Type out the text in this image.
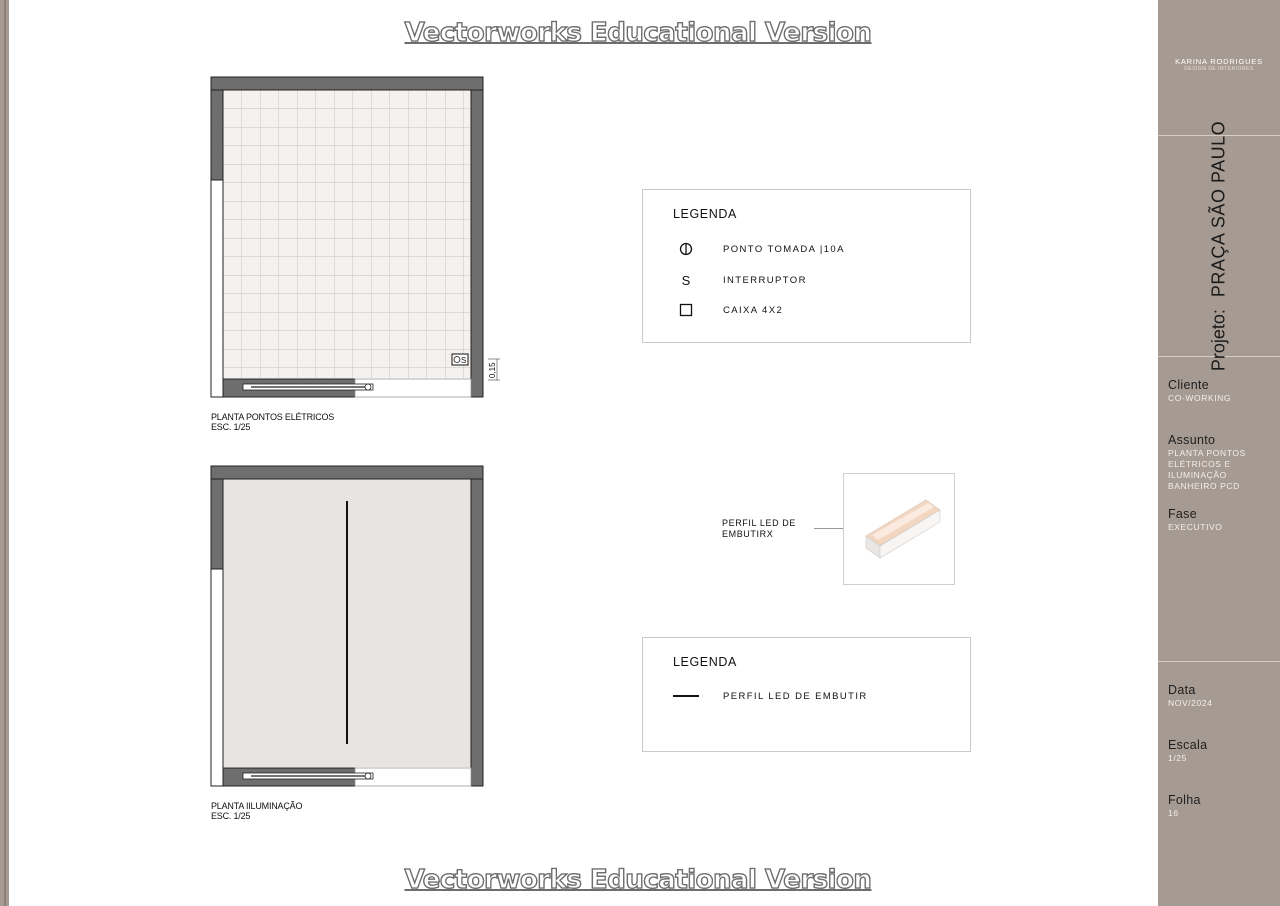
Vectorworks Educational Version
S
0,15
PLANTA PONTOS ELÉTRICOS
ESC. 1/25
PLANTA IILUMINAÇÃO
ESC. 1/25
LEGENDA
PONTO TOMADA |10A
S	INTERRUPTOR
CAIXA 4X2
PERFIL LED DE
EMBUTIRX
LEGENDA
PERFIL LED DE EMBUTIR
Vectorworks Educational Version
KARINA RODRIGUES
DESIGN DE INTERIORES
Cliente
CO-WORKING
Assunto
PLANTA PONTOS ELÉTRICOS E ILUMINAÇÃO BANHEIRO PCD
Fase
EXECUTIVO
Data
NOV/2024
Escala
1/25
Folha
16
Projeto:
PRAÇA SÃO PAULO
